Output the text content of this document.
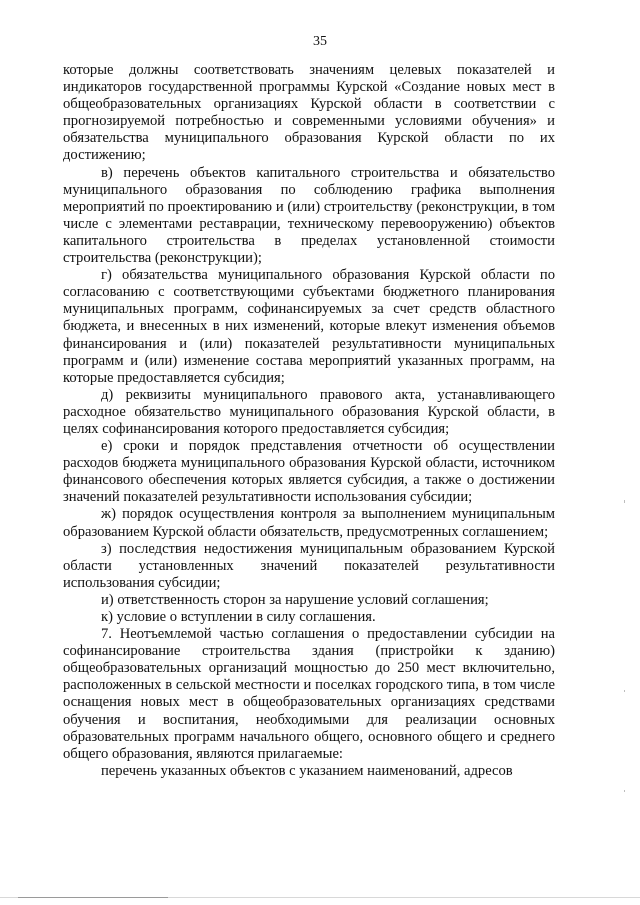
35

которые должны соответствовать значениям целевых показателей и индикаторов государственной программы Курской «Создание новых мест в общеобразовательных организациях Курской области в соответствии с прогнозируемой потребностью и современными условиями обучения» и обязательства муниципального образования Курской области по их достижению;

в) перечень объектов капитального строительства и обязательство муниципального образования по соблюдению графика выполнения мероприятий по проектированию и (или) строительству (реконструкции, в том числе с элементами реставрации, техническому перевооружению) объектов капитального строительства в пределах установленной стоимости строительства (реконструкции);

г) обязательства муниципального образования Курской области по согласованию с соответствующими субъектами бюджетного планирования муниципальных программ, софинансируемых за счет средств областного бюджета, и внесенных в них изменений, которые влекут изменения объемов финансирования и (или) показателей результативности муниципальных программ и (или) изменение состава мероприятий указанных программ, на которые предоставляется субсидия;

д) реквизиты муниципального правового акта, устанавливающего расходное обязательство муниципального образования Курской области, в целях софинансирования которого предоставляется субсидия;

е) сроки и порядок представления отчетности об осуществлении расходов бюджета муниципального образования Курской области, источником финансового обеспечения которых является субсидия, а также о достижении значений показателей результативности использования субсидии;

ж) порядок осуществления контроля за выполнением муниципальным образованием Курской области обязательств, предусмотренных соглашением;

з) последствия недостижения муниципальным образованием Курской области установленных значений показателей результативности использования субсидии;

и) ответственность сторон за нарушение условий соглашения;

к) условие о вступлении в силу соглашения.

7. Неотъемлемой частью соглашения о предоставлении субсидии на софинансирование строительства здания (пристройки к зданию) общеобразовательных организаций мощностью до 250 мест включительно, расположенных в сельской местности и поселках городского типа, в том числе оснащения новых мест в общеобразовательных организациях средствами обучения и воспитания, необходимыми для реализации основных образовательных программ начального общего, основного общего и среднего общего образования, являются прилагаемые:

перечень указанных объектов с указанием наименований, адресов
